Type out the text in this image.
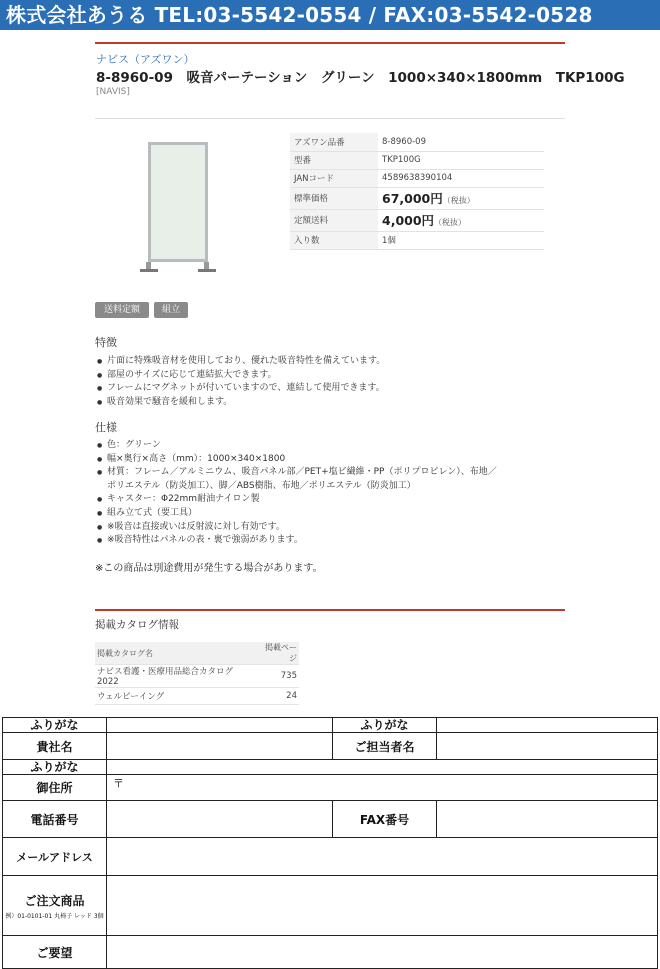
株式会社あうる TEL:03-5542-0554 / FAX:03-5542-0528
ナビス（アズワン）
8-8960-09　吸音パーテーション　グリーン　1000×340×1800mm　TKP100G
[NAVIS]
アズワン品番	8-8960-09
型番	TKP100G
JANコード	4589638390104
標準価格	67,000円（税抜）
定額送料	4,000円（税抜）
入り数	1個
送料定額	組立
特徴
● 片面に特殊吸音材を使用しており、優れた吸音特性を備えています。
● 部屋のサイズに応じて連結拡大できます。
● フレームにマグネットが付いていますので、連結して使用できます。
● 吸音効果で騒音を緩和します。
仕様
● 色：グリーン
● 幅×奥行×高さ（mm）：1000×340×1800
● 材質：フレーム／アルミニウム、吸音パネル部／PET+塩ビ繊維・PP（ポリプロピレン）、布地／
ポリエステル（防炎加工）、脚／ABS樹脂、布地／ポリエステル（防炎加工）
● キャスター：Φ22mm耐油ナイロン製
● 組み立て式（要工具）
● ※吸音は直接或いは反射波に対し有効です。
● ※吸音特性はパネルの表・裏で強弱があります。
※この商品は別途費用が発生する場合があります。
掲載カタログ情報
掲載カタログ名	掲載ページ
ナビス看護・医療用品総合カタログ2022	735
ウェルビーイング	24
ふりがな		ふりがな	
貴社名		ご担当者名	
ふりがな			
御住所	〒		
電話番号		FAX番号	
メールアドレス			
ご注文商品
例）01-0101-01 丸椅子 レッド 3個			

ご要望			
